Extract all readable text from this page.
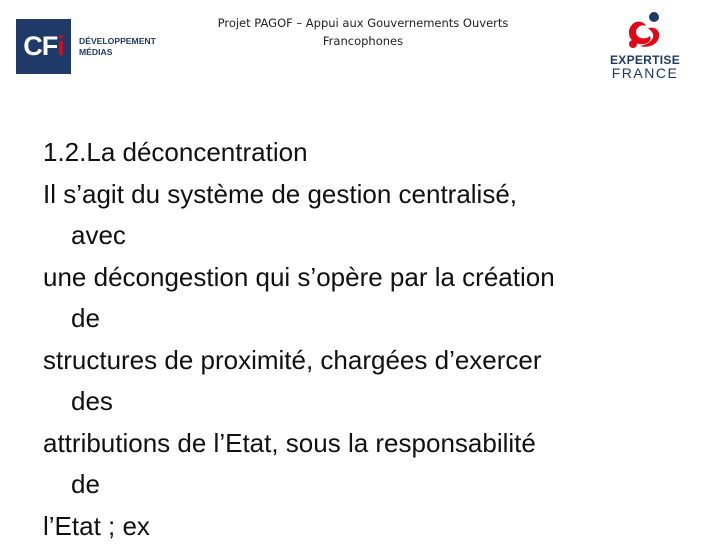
Projet PAGOF – Appui aux Gouvernements Ouverts
Francophones
CF i DÉVELOPPEMENT
MÉDIAS
EXPERTISE
FRANCE
1.2.La déconcentration
Il s’agit du système de gestion centralisé,
avec
une décongestion qui s’opère par la création
de
structures de proximité, chargées d’exercer
des
attributions de l’Etat, sous la responsabilité
de
l’Etat ; ex
